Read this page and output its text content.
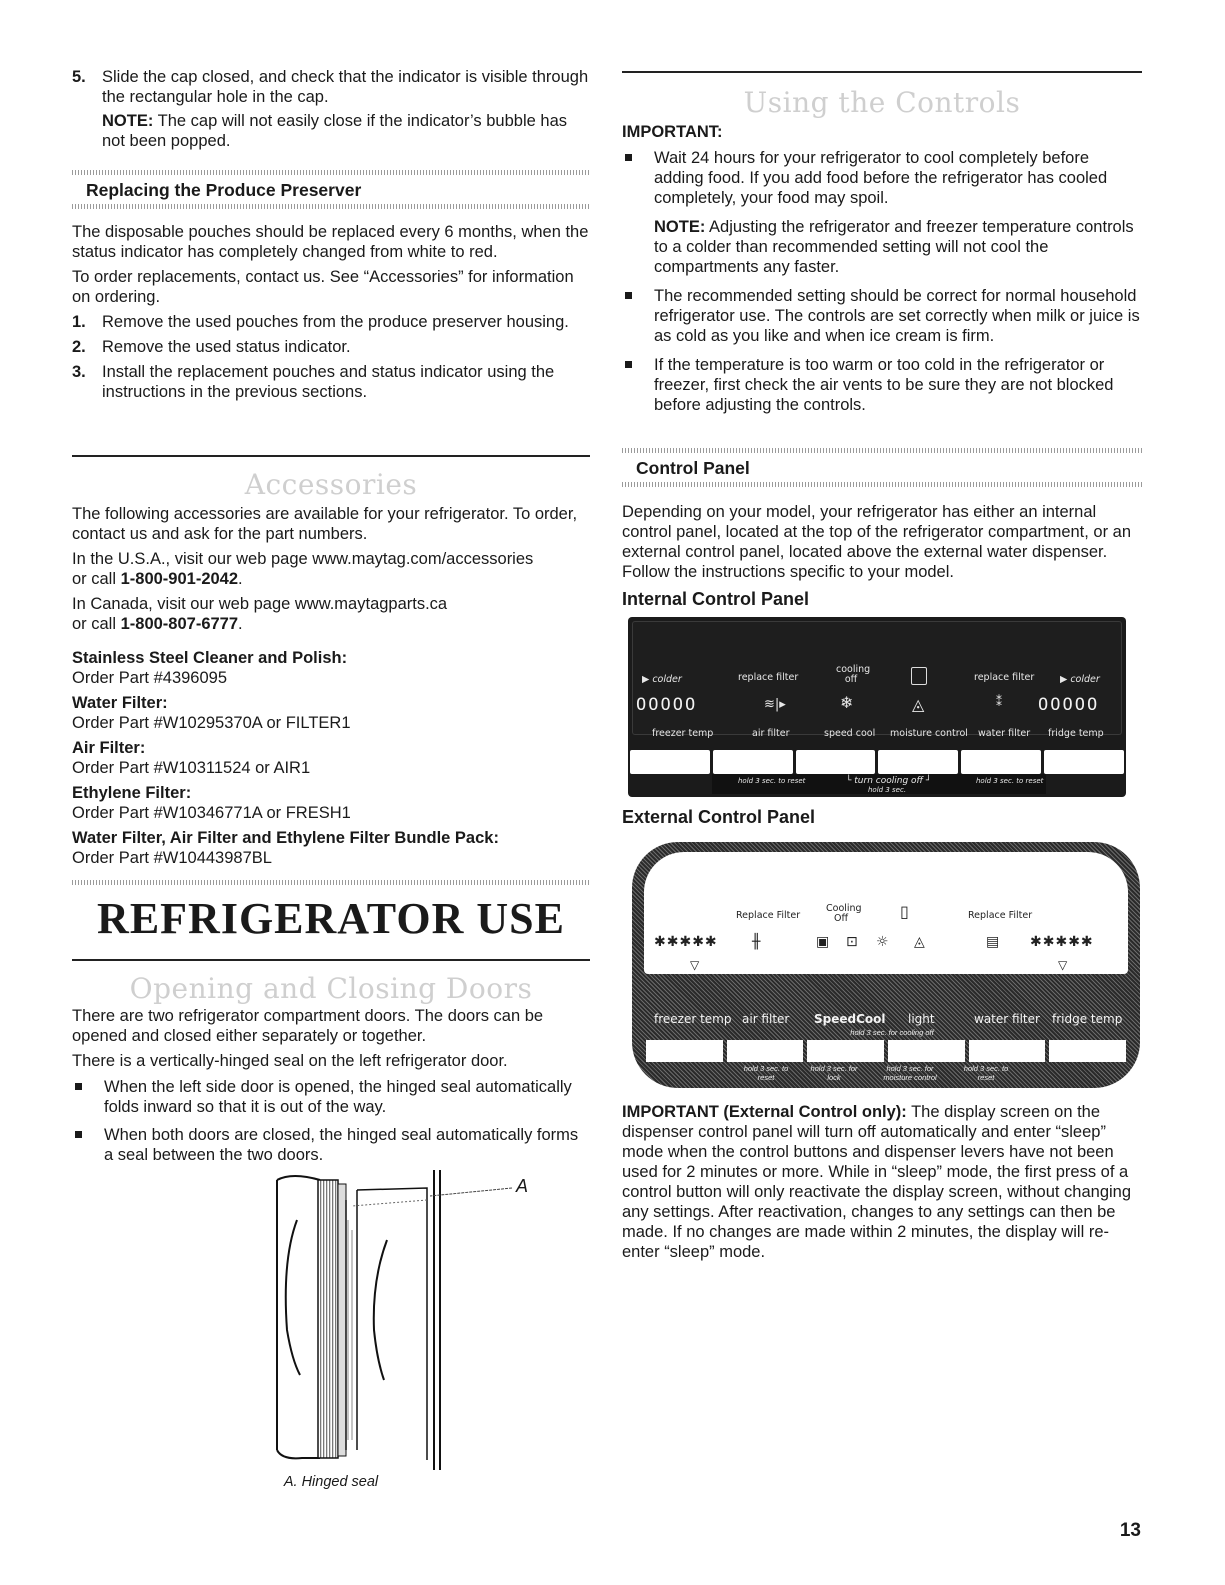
5. Slide the cap closed, and check that the indicator is visible through the rectangular hole in the cap.

NOTE: The cap will not easily close if the indicator’s bubble has not been popped.

Replacing the Produce Preserver

The disposable pouches should be replaced every 6 months, when the status indicator has completely changed from white to red.

To order replacements, contact us. See “Accessories” for information on ordering.

1. Remove the used pouches from the produce preserver housing.

2. Remove the used status indicator.

3. Install the replacement pouches and status indicator using the instructions in the previous sections.

Accessories

The following accessories are available for your refrigerator. To order, contact us and ask for the part numbers.

In the U.S.A., visit our web page www.maytag.com/accessories
or call 1-800-901-2042.

In Canada, visit our web page www.maytagparts.ca
or call 1-800-807-6777.

Stainless Steel Cleaner and Polish:

Order Part #4396095

Water Filter:

Order Part #W10295370A or FILTER1

Air Filter:

Order Part #W10311524 or AIR1

Ethylene Filter:

Order Part #W10346771A or FRESH1

Water Filter, Air Filter and Ethylene Filter Bundle Pack:

Order Part #W10443987BL

REFRIGERATOR USE
Opening and Closing Doors

There are two refrigerator compartment doors. The doors can be opened and closed either separately or together.

There is a vertically-hinged seal on the left refrigerator door.

When the left side door is opened, the hinged seal automatically folds inward so that it is out of the way.

When both doors are closed, the hinged seal automatically forms a seal between the two doors.

A
A. Hinged seal
Using the Controls

IMPORTANT:

Wait 24 hours for your refrigerator to cool completely before adding food. If you add food before the refrigerator has cooled completely, your food may spoil.

NOTE: Adjusting the refrigerator and freezer temperature controls to a colder than recommended setting will not cool the compartments any faster.

The recommended setting should be correct for normal household refrigerator use. The controls are set correctly when milk or juice is as cold as you like and when ice cream is firm.

If the temperature is too warm or too cold in the refrigerator or freezer, first check the air vents to be sure they are not blocked before adjusting the controls.

Control Panel

Depending on your model, your refrigerator has either an internal control panel, located at the top of the refrigerator compartment, or an external control panel, located above the external water dispenser. Follow the instructions specific to your model.

Internal Control Panel

▶ colder	replace filter
cooling off	replace filter	▶ colder
OOOOO	≋|▸	❄	◬	⁑ OOOOO
freezer temp	air filter	speed cool moisture control water filter fridge temp
hold 3 sec. to reset	└ turn cooling off ┘
hold 3 sec.
hold 3 sec. to reset

External Control Panel

Replace Filter
Cooling Off	▯	Replace Filter
✱✱✱✱✱ ╫	▣ ⊡ ☼ ◬	▤ ✱✱✱✱✱
▽	▽
freezer temp air filter SpeedCool light	water filter fridge temp
hold 3 sec. for cooling off
hold 3 sec. to reset
hold 3 sec. for lock
hold 3 sec. for moisture control
hold 3 sec. to reset

IMPORTANT (External Control only): The display screen on the dispenser control panel will turn off automatically and enter “sleep” mode when the control buttons and dispenser levers have not been used for 2 minutes or more. While in “sleep” mode, the first press of a control button will only reactivate the display screen, without changing any settings. After reactivation, changes to any settings can then be made. If no changes are made within 2 minutes, the display will re-enter “sleep” mode.

13
